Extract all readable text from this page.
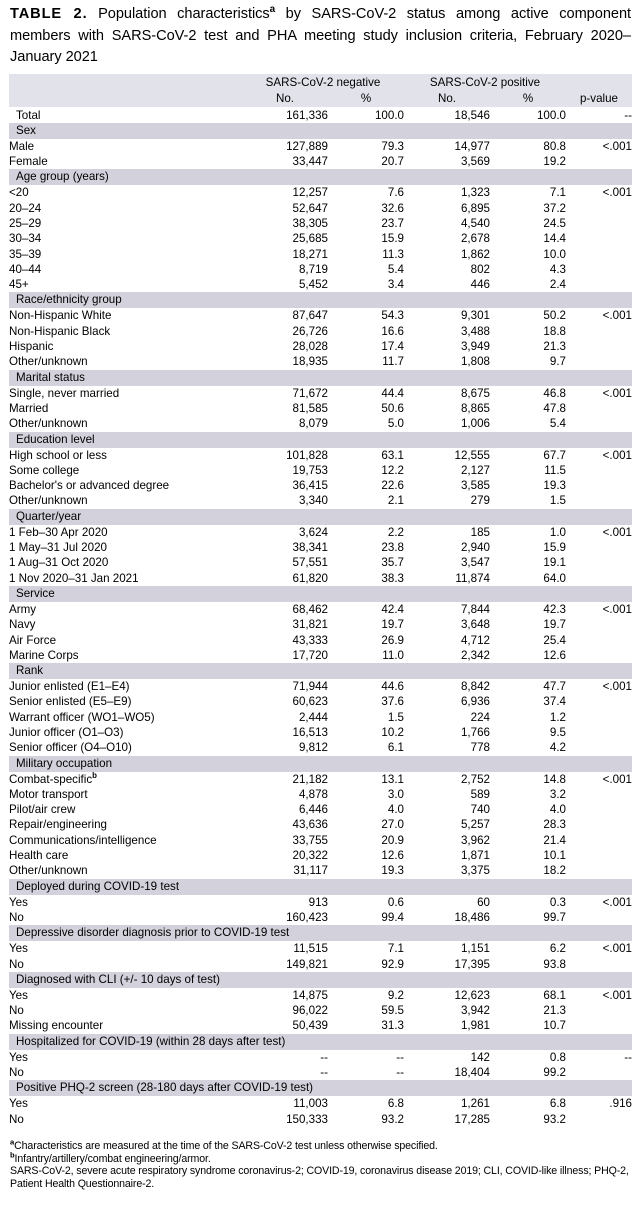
TABLE 2. Population characteristics$^a$ by SARS-CoV-2 status among active component members with SARS-CoV-2 test and PHA meeting study inclusion criteria, February 2020–January 2021
	SARS-CoV-2 negative		SARS-CoV-2 positive		
	No.	%	No.	%	p-value
Total	161,336	100.0	18,546	100.0	--
Sex					
Male	127,889	79.3	14,977	80.8	<.001
Female	33,447	20.7	3,569	19.2	
Age group (years)					
<20	12,257	7.6	1,323	7.1	<.001
20–24	52,647	32.6	6,895	37.2	
25–29	38,305	23.7	4,540	24.5	
30–34	25,685	15.9	2,678	14.4	
35–39	18,271	11.3	1,862	10.0	
40–44	8,719	5.4	802	4.3	
45+	5,452	3.4	446	2.4	
Race/ethnicity group					
Non-Hispanic White	87,647	54.3	9,301	50.2	<.001
Non-Hispanic Black	26,726	16.6	3,488	18.8	
Hispanic	28,028	17.4	3,949	21.3	
Other/unknown	18,935	11.7	1,808	9.7	
Marital status					
Single, never married	71,672	44.4	8,675	46.8	<.001
Married	81,585	50.6	8,865	47.8	
Other/unknown	8,079	5.0	1,006	5.4	
Education level					
High school or less	101,828	63.1	12,555	67.7	<.001
Some college	19,753	12.2	2,127	11.5	
Bachelor's or advanced degree	36,415	22.6	3,585	19.3	
Other/unknown	3,340	2.1	279	1.5	
Quarter/year					
1 Feb–30 Apr 2020	3,624	2.2	185	1.0	<.001
1 May–31 Jul 2020	38,341	23.8	2,940	15.9	
1 Aug–31 Oct 2020	57,551	35.7	3,547	19.1	
1 Nov 2020–31 Jan 2021	61,820	38.3	11,874	64.0	
Service					
Army	68,462	42.4	7,844	42.3	<.001
Navy	31,821	19.7	3,648	19.7	
Air Force	43,333	26.9	4,712	25.4	
Marine Corps	17,720	11.0	2,342	12.6	
Rank					
Junior enlisted (E1–E4)	71,944	44.6	8,842	47.7	<.001
Senior enlisted (E5–E9)	60,623	37.6	6,936	37.4	
Warrant officer (WO1–WO5)	2,444	1.5	224	1.2	
Junior officer (O1–O3)	16,513	10.2	1,766	9.5	
Senior officer (O4–O10)	9,812	6.1	778	4.2	
Military occupation					
Combat-specific$^b$	21,182	13.1	2,752	14.8	<.001
Motor transport	4,878	3.0	589	3.2	
Pilot/air crew	6,446	4.0	740	4.0	
Repair/engineering	43,636	27.0	5,257	28.3	
Communications/intelligence	33,755	20.9	3,962	21.4	
Health care	20,322	12.6	1,871	10.1	
Other/unknown	31,117	19.3	3,375	18.2	
Deployed during COVID-19 test					
Yes	913	0.6	60	0.3	<.001
No	160,423	99.4	18,486	99.7	
Depressive disorder diagnosis prior to COVID-19 test					
Yes	11,515	7.1	1,151	6.2	<.001
No	149,821	92.9	17,395	93.8	
Diagnosed with CLI (+/- 10 days of test)					
Yes	14,875	9.2	12,623	68.1	<.001
No	96,022	59.5	3,942	21.3	
Missing encounter	50,439	31.3	1,981	10.7	
Hospitalized for COVID-19 (within 28 days after test)					
Yes	--	--	142	0.8	--
No	--	--	18,404	99.2	
Positive PHQ-2 screen (28-180 days after COVID-19 test)					
Yes	11,003	6.8	1,261	6.8	.916
No	150,333	93.2	17,285	93.2	
$^a$Characteristics are measured at the time of the SARS-CoV-2 test unless otherwise specified.
$^b$Infantry/artillery/combat engineering/armor.
SARS-CoV-2, severe acute respiratory syndrome coronavirus-2; COVID-19, coronavirus disease 2019; CLI, COVID-like illness; PHQ-2, Patient Health Questionnaire-2.
